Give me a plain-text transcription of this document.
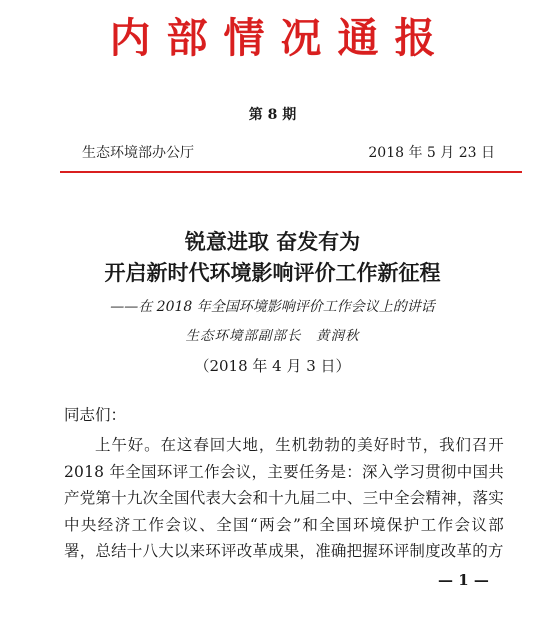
内部情况通报
第 8 期
生态环境部办公厅	2018 年 5 月 23 日
锐意进取 奋发有为
开启新时代环境影响评价工作新征程
——在 2018 年全国环境影响评价工作会议上的讲话
生态环境部副部长　黄润秋
（2018 年 4 月 3 日）
同志们：
上午好。在这春回大地，生机勃勃的美好时节，我们召开 2018 年全国环评工作会议，主要任务是：深入学习贯彻中国共产党第十九次全国代表大会和十九届二中、三中全会精神，落实中央经济工作会议、全国“两会”和全国环境保护工作会议部署，总结十八大以来环评改革成果，准确把握环评制度改革的方
— 1 —
